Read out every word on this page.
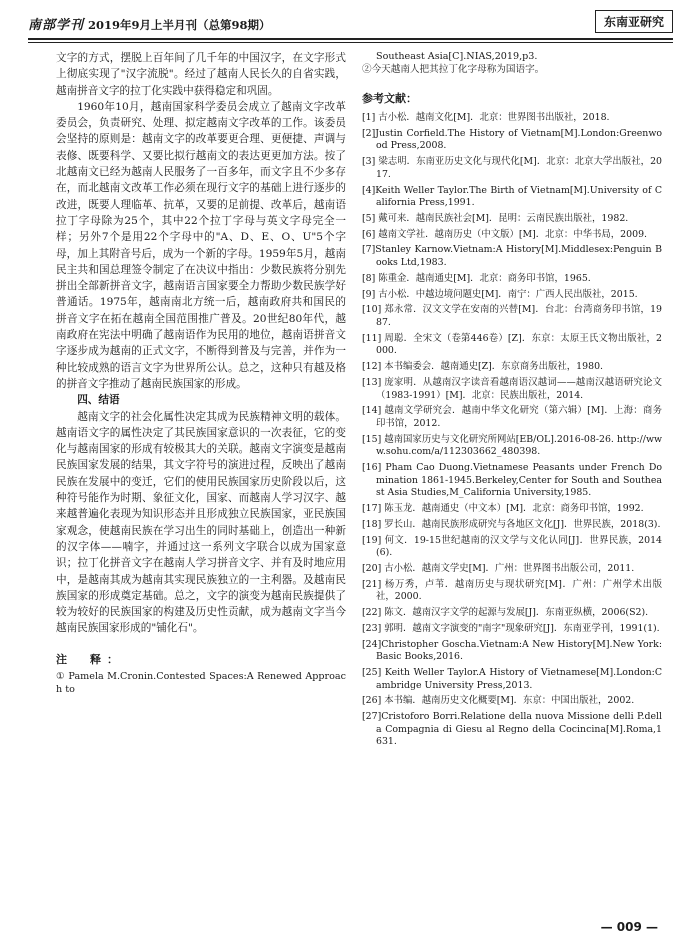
南部学刊 2019年9月上半月刊（总第98期）	东南亚研究

文字的方式，摆脱上百年间了几千年的中国汉字，在文字形式上彻底实现了"汉字流脱"。经过了越南人民长久的自省实践，越南拼音文字的拉丁化实践中获得稳定和巩固。

1960年10月，越南国家科学委员会成立了越南文字改革委员会，负责研究、处理、拟定越南文字改革的工作。该委员会坚持的原则是：越南文字的改革要更合理、更便捷、声调与表修、既要科学、又要比拟行越南文的表达更更加方法。按了北越南文已经为越南人民服务了一百多年，而文字且不少多存在，而北越南文改革工作必须在现行文字的基础上进行逐步的改进，既要人理临革、抗革，又要的足前提、改革后，越南语拉丁字母除为25个，其中22个拉丁字母与英文字母完全一样；另外7个是用22个字母中的"A、D、E、O、U"5个字母，加上其附音号后，成为一个新的字母。1959年5月，越南民主共和国总理签令制定了在决议中指出：少数民族将分别先拼出全部新拼音文字，越南语言国家要全力帮助少数民族学好普通话。1975年，越南南北方统一后，越南政府共和国民的拼音文字在拓在越南全国范围推广普及。20世纪80年代，越南政府在宪法中明确了越南语作为民用的地位，越南语拼音文字逐步成为越南的正式文字，不断得到普及与完善，并作为一种比较成熟的语言文字为世界所公认。总之，这种只有越及格的拼音文字推动了越南民族国家的形成。

四、结语

越南文字的社会化属性决定其成为民族精神文明的载体。越南语文字的属性决定了其民族国家意识的一次表征，它的变化与越南国家的形成有较极其大的关联。越南文字演变是越南民族国家发展的结果，其文字符号的演进过程，反映出了越南民族在发展中的变迁，它们的使用民族国家历史阶段以后，这种符号能作为时期、象征文化，国家、而越南人学习汉字、越来越普遍化表现为知识形态并且形成独立民族国家，亚民族国家观念，使越南民族在学习出生的同时基础上，创造出一种新的汉字体——喃字，并通过这一系列文字联合以成为国家意识；拉丁化拼音文字在越南人学习拼音文字、并有及时地应用中，是越南其成为越南其实现民族独立的一主利器。及越南民族国家的形成奠定基础。总之，文字的演变为越南民族提供了较为较好的民族国家的构建及历史性贡献，成为越南文字当今越南民族国家形成的"铺化石"。

注　释：

① Pamela M.Cronin.Contested Spaces:A Renewed Approach to

Southeast Asia[C].NIAS,2019,p3.

②今天越南人把其拉丁化字母称为国语字。

参考文献：
[1] 古小松．越南文化[M]．北京：世界图书出版社，2018.
[2]Justin Corfield.The History of Vietnam[M].London:Greenwood Press,2008.
[3] 梁志明．东南亚历史文化与现代化[M]．北京：北京大学出版社，2017.
[4]Keith Weller Taylor.The Birth of Vietnam[M].University of California Press,1991.
[5] 戴可来．越南民族社会[M]．昆明：云南民族出版社，1982.
[6] 越南文学社．越南历史（中文版）[M]．北京：中华书局，2009.
[7]Stanley Karnow.Vietnam:A History[M].Middlesex:Penguin Books Ltd,1983.
[8] 陈重金．越南通史[M]．北京：商务印书馆，1965.
[9] 古小松．中越边境问题史[M]．南宁：广西人民出版社，2015.
[10] 郑永常．汉文文学在安南的兴替[M]．台北：台湾商务印书馆，1987.
[11] 周聪．全宋文（卷第446卷）[Z]．东京：太原王氏文物出版社，2000.
[12] 本书编委会．越南通史[Z]．东京商务出版社，1980.
[13] 庞家明．从越南汉字读音看越南语汉越词——越南汉越语研究论文（1983-1991）[M]．北京：民族出版社，2014.
[14] 越南文学研究会．越南中华文化研究（第六辑）[M]．上海：商务印书馆，2012.
[15] 越南国家历史与文化研究所网站[EB/OL].2016-08-26. http://www.sohu.com/a/112303662_480398.
[16] Pham Cao Duong.Vietnamese Peasants under French Domination 1861-1945.Berkeley,Center for South and Southeast Asia Studies,M_California University,1985.
[17] 陈玉龙．越南通史（中文本）[M]．北京：商务印书馆，1992.
[18] 罗长山．越南民族形成研究与各地区文化[J]．世界民族，2018(3).
[19] 何文．19-15世纪越南的汉文学与文化认同[J]．世界民族，2014(6).
[20] 古小松．越南文学史[M]．广州：世界图书出版公司，2011.
[21] 杨万秀，卢苇．越南历史与现状研究[M]．广州：广州学术出版社，2000.
[22] 陈文．越南汉字文学的起源与发展[J]．东南亚纵横，2006(S2).
[23] 郭明．越南文字演变的"南字"现象研究[J]．东南亚学刊，1991(1).
[24]Christopher Goscha.Vietnam:A New History[M].New York:Basic Books,2016.
[25] Keith Weller Taylor.A History of Vietnamese[M].London:Cambridge University Press,2013.
[26] 本书编．越南历史文化概要[M]．东京：中国出版社，2002.
[27]Cristoforo Borri.Relatione della nuova Missione delli P.della Compagnia di Giesu al Regno della Cocincina[M].Roma,1631.
— 009 —
